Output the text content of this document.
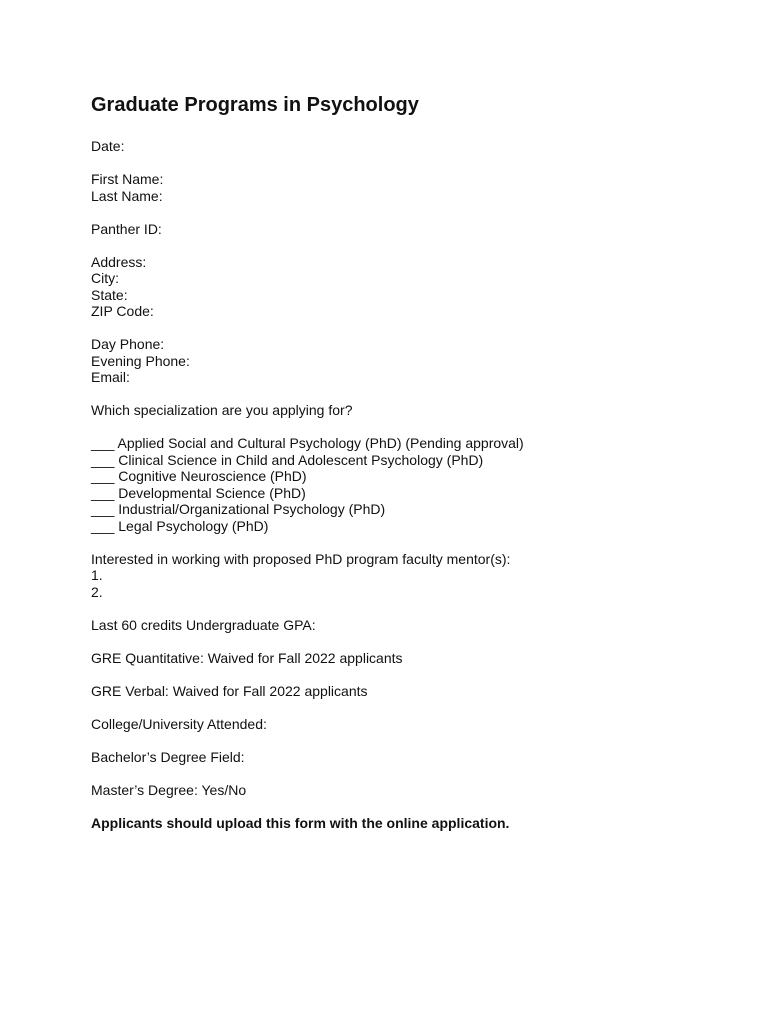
Graduate Programs in Psychology
Date:
First Name:
Last Name:
Panther ID:
Address:
City:
State:
ZIP Code:
Day Phone:
Evening Phone:
Email:
Which specialization are you applying for?
___ Applied Social and Cultural Psychology (PhD) (Pending approval)
___ Clinical Science in Child and Adolescent Psychology (PhD)
___ Cognitive Neuroscience (PhD)
___ Developmental Science (PhD)
___ Industrial/Organizational Psychology (PhD)
___ Legal Psychology (PhD)
Interested in working with proposed PhD program faculty mentor(s):
1.
2.
Last 60 credits Undergraduate GPA:
GRE Quantitative: Waived for Fall 2022 applicants
GRE Verbal: Waived for Fall 2022 applicants
College/University Attended:
Bachelor’s Degree Field:
Master’s Degree: Yes/No
Applicants should upload this form with the online application.
